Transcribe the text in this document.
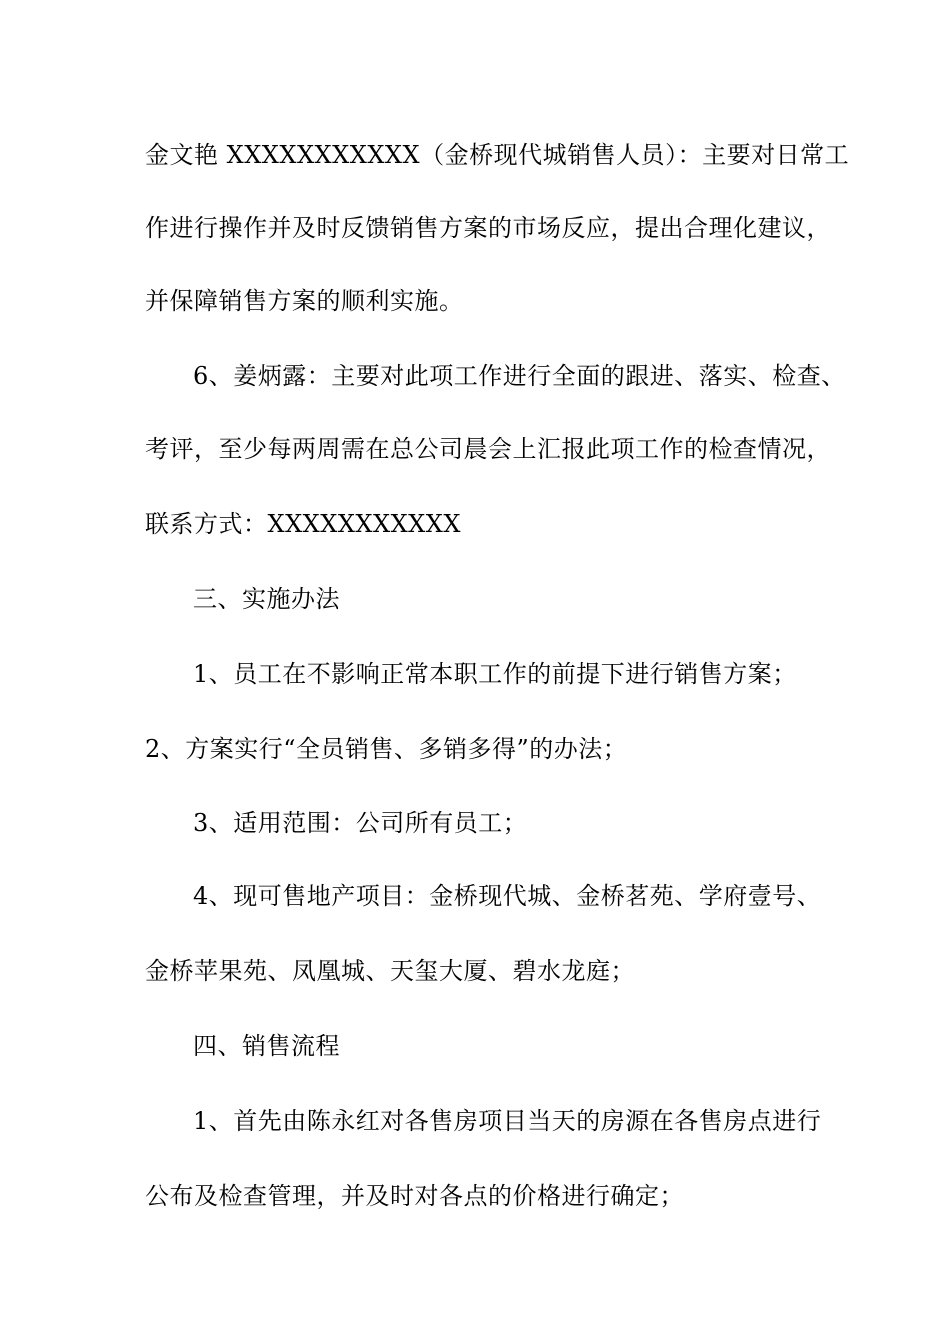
金文艳 XXXXXXXXXXX（金桥现代城销售人员）：主要对日常工
作进行操作并及时反馈销售方案的市场反应，提出合理化建议，
并保障销售方案的顺利实施。
6、姜炳露：主要对此项工作进行全面的跟进、落实、检查、
考评，至少每两周需在总公司晨会上汇报此项工作的检查情况，
联系方式：XXXXXXXXXXX
三、实施办法
1、员工在不影响正常本职工作的前提下进行销售方案；
2、方案实行“全员销售、多销多得”的办法；
3、适用范围：公司所有员工；
4、现可售地产项目：金桥现代城、金桥茗苑、学府壹号、
金桥苹果苑、凤凰城、天玺大厦、碧水龙庭；
四、销售流程
1、首先由陈永红对各售房项目当天的房源在各售房点进行
公布及检查管理，并及时对各点的价格进行确定；
